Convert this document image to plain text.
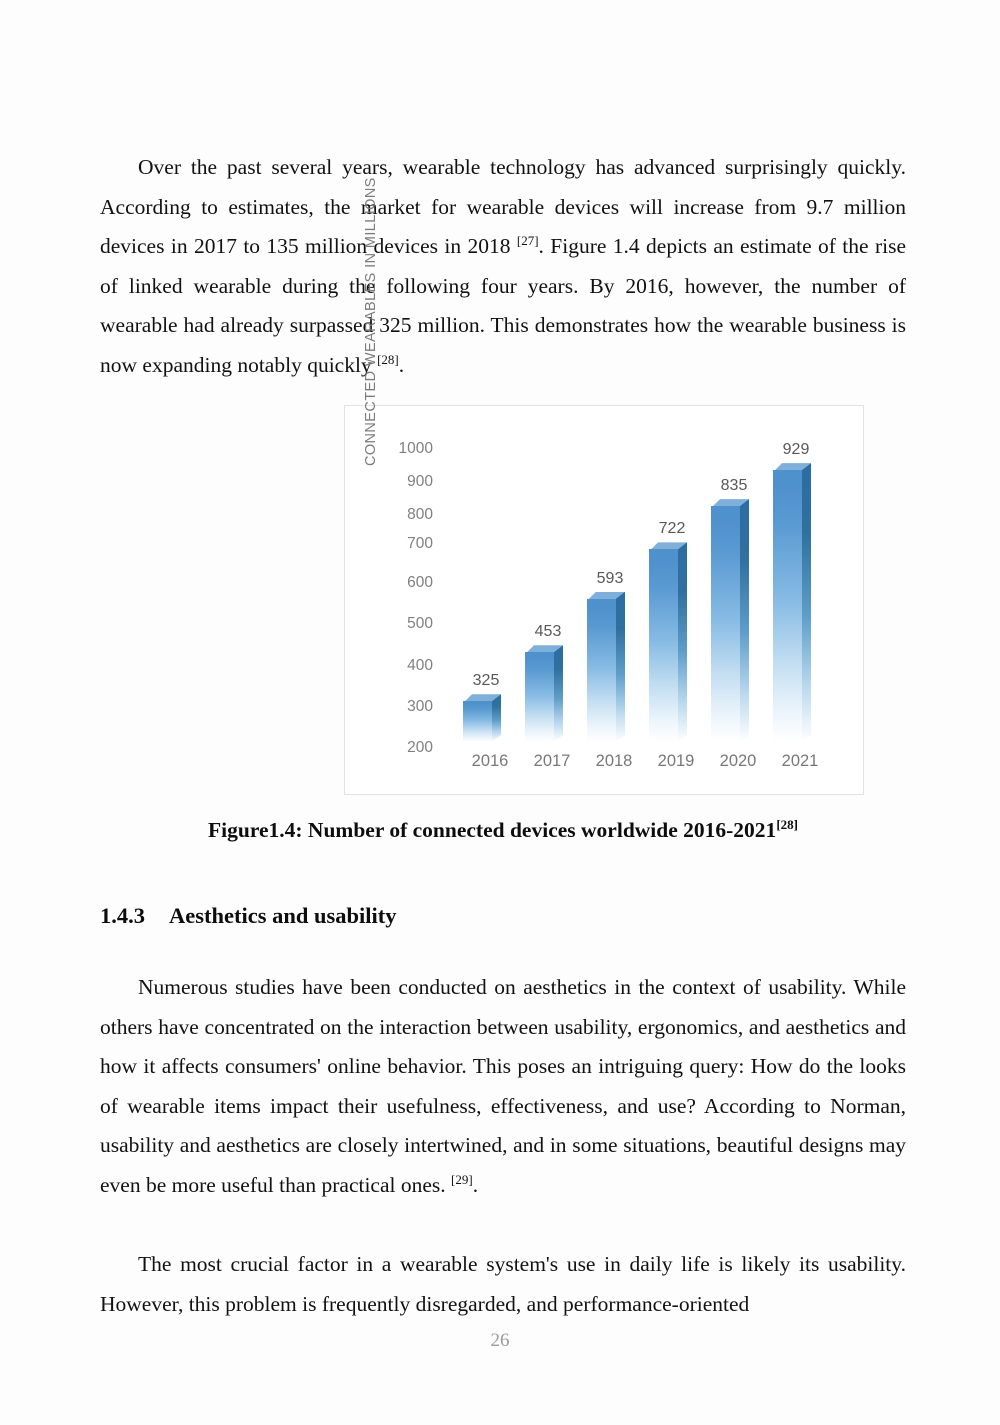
Over the past several years, wearable technology has advanced surprisingly quickly. According to estimates, the market for wearable devices will increase from 9.7 million devices in 2017 to 135 million devices in 2018 [27]. Figure 1.4 depicts an estimate of the rise of linked wearable during the following four years. By 2016, however, the number of wearable had already surpassed 325 million. This demonstrates how the wearable business is now expanding notably quickly [28].

CONNECTED WEARABLES IN MILLIONS	1000
900
800
700
600
500
400
300
200
325
453
593
722
835
929
2016	2017	2018	2019	2020	2021
Figure1.4: Number of connected devices worldwide 2016-2021[28]
1.4.3 Aesthetics and usability

Numerous studies have been conducted on aesthetics in the context of usability. While others have concentrated on the interaction between usability, ergonomics, and aesthetics and how it affects consumers' online behavior. This poses an intriguing query: How do the looks of wearable items impact their usefulness, effectiveness, and use? According to Norman, usability and aesthetics are closely intertwined, and in some situations, beautiful designs may even be more useful than practical ones. [29].

The most crucial factor in a wearable system's use in daily life is likely its usability. However, this problem is frequently disregarded, and performance-oriented

26
